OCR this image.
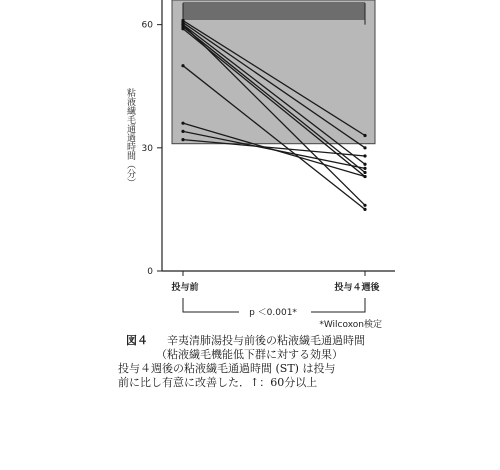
0
30
60
粘液繊毛通過時間（分）
投与前	投与４週後
p ＜0.001*
*Wilcoxon検定
図４ 辛夷清肺湯投与前後の粘液繊毛通過時間
（粘液繊毛機能低下群に対する効果）
投与４週後の粘液繊毛通過時間 (ST) は投与
前に比し有意に改善した．↑：60分以上
